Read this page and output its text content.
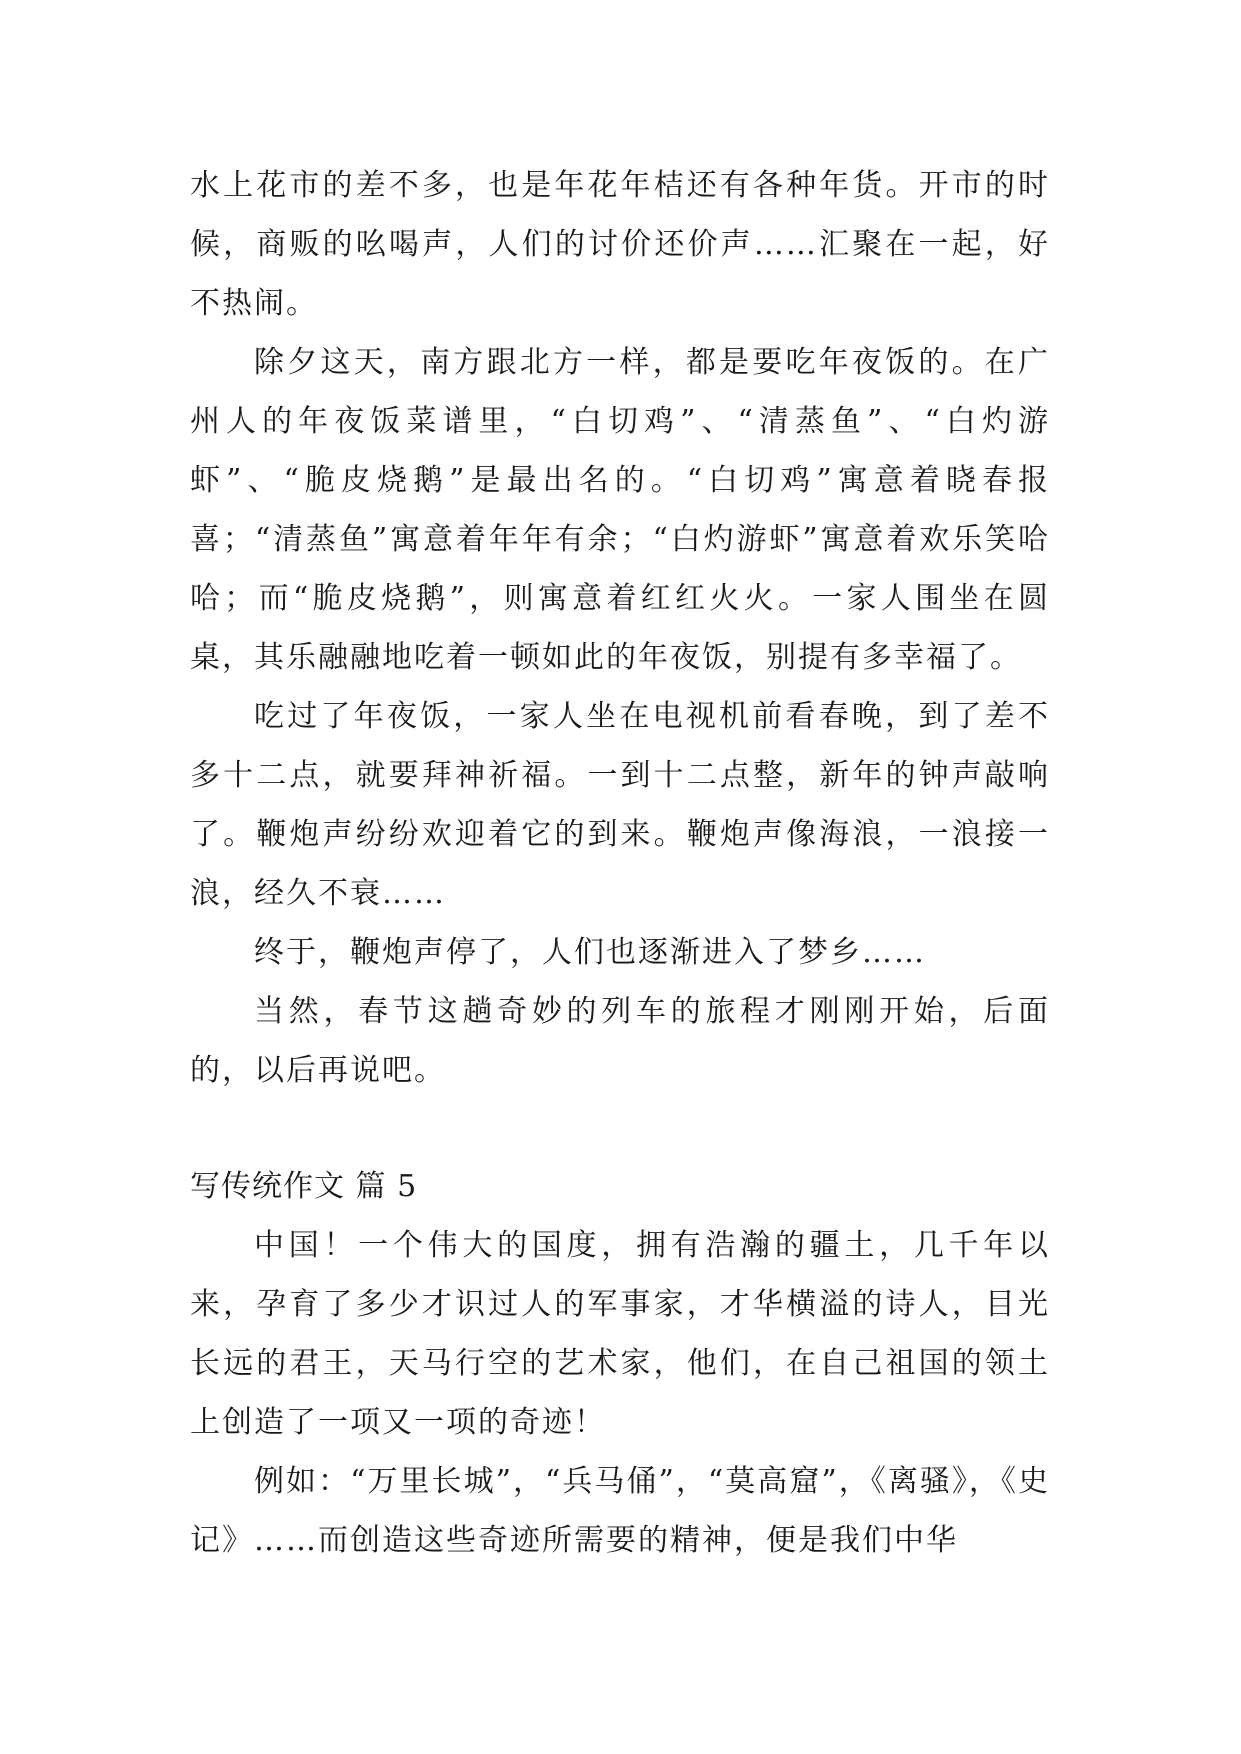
水上花市的差不多，也是年花年桔还有各种年货。开市的时候，商贩的吆喝声，人们的讨价还价声……汇聚在一起，好不热闹。

除夕这天，南方跟北方一样，都是要吃年夜饭的。在广州人的年夜饭菜谱里，“白切鸡”、“清蒸鱼”、“白灼游虾”、“脆皮烧鹅”是最出名的。“白切鸡”寓意着晓春报喜；“清蒸鱼”寓意着年年有余；“白灼游虾”寓意着欢乐笑哈哈；而“脆皮烧鹅”，则寓意着红红火火。一家人围坐在圆桌，其乐融融地吃着一顿如此的年夜饭，别提有多幸福了。

吃过了年夜饭，一家人坐在电视机前看春晚，到了差不多十二点，就要拜神祈福。一到十二点整，新年的钟声敲响了。鞭炮声纷纷欢迎着它的到来。鞭炮声像海浪，一浪接一浪，经久不衰……

终于，鞭炮声停了，人们也逐渐进入了梦乡……

当然，春节这趟奇妙的列车的旅程才刚刚开始，后面的，以后再说吧。

写传统作文 篇 5

中国！一个伟大的国度，拥有浩瀚的疆土，几千年以来，孕育了多少才识过人的军事家，才华横溢的诗人，目光长远的君王，天马行空的艺术家，他们，在自己祖国的领土上创造了一项又一项的奇迹！

例如：“万里长城”，“兵马俑”，“莫高窟”，《离骚》，《史记》……而创造这些奇迹所需要的精神，便是我们中华
